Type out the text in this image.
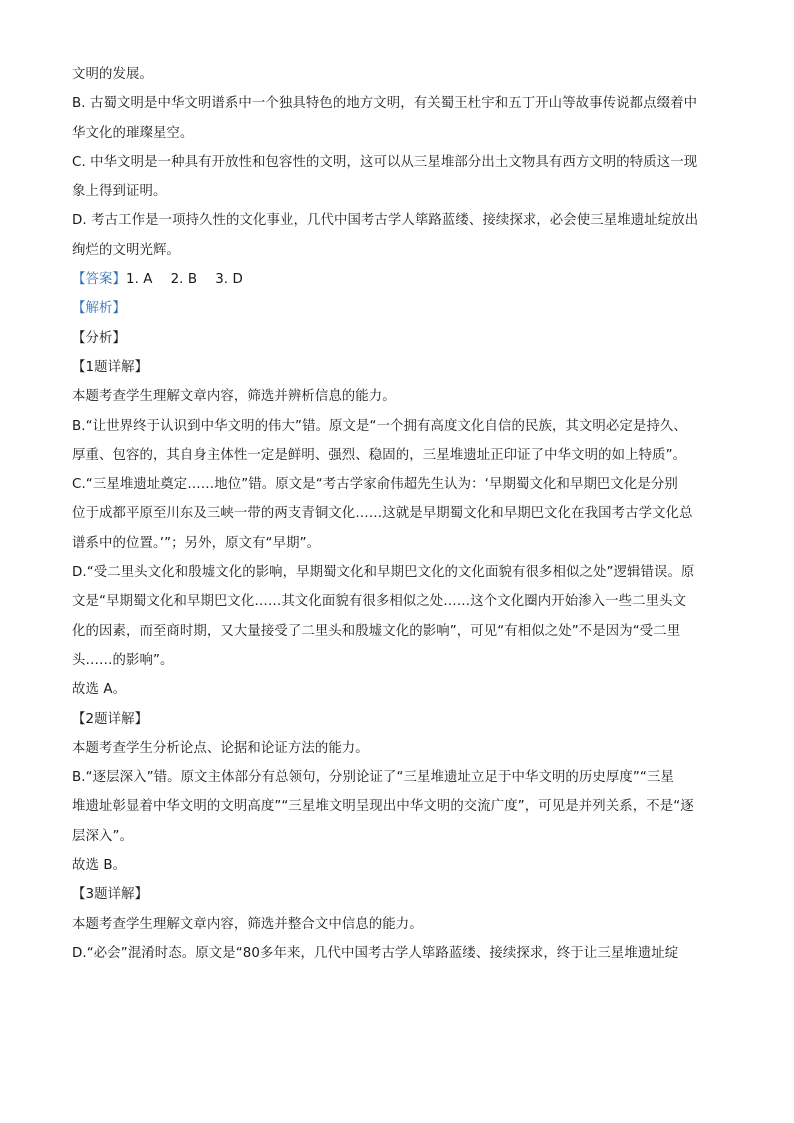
文明的发展。
B. 古蜀文明是中华文明谱系中一个独具特色的地方文明，有关蜀王杜宇和五丁开山等故事传说都点缀着中
华文化的璀璨星空。
C. 中华文明是一种具有开放性和包容性的文明，这可以从三星堆部分出土文物具有西方文明的特质这一现
象上得到证明。
D. 考古工作是一项持久性的文化事业，几代中国考古学人筚路蓝缕、接续探求，必会使三星堆遗址绽放出
绚烂的文明光辉。
【答案】1. A 2. B 3. D
【解析】
【分析】
【1题详解】
本题考查学生理解文章内容，筛选并辨析信息的能力。
B.“让世界终于认识到中华文明的伟大”错。原文是“一个拥有高度文化自信的民族，其文明必定是持久、
厚重、包容的，其自身主体性一定是鲜明、强烈、稳固的，三星堆遗址正印证了中华文明的如上特质”。
C.“三星堆遗址奠定……地位”错。原文是“考古学家俞伟超先生认为：‘早期蜀文化和早期巴文化是分别
位于成都平原至川东及三峡一带的两支青铜文化……这就是早期蜀文化和早期巴文化在我国考古学文化总
谱系中的位置。’”；另外，原文有“早期”。
D.“受二里头文化和殷墟文化的影响，早期蜀文化和早期巴文化的文化面貌有很多相似之处”逻辑错误。原
文是“早期蜀文化和早期巴文化……其文化面貌有很多相似之处……这个文化圈内开始渗入一些二里头文
化的因素，而至商时期，又大量接受了二里头和殷墟文化的影响”，可见“有相似之处”不是因为“受二里
头……的影响”。
故选 A。
【2题详解】
本题考查学生分析论点、论据和论证方法的能力。
B.“逐层深入”错。原文主体部分有总领句，分别论证了“三星堆遗址立足于中华文明的历史厚度”“三星
堆遗址彰显着中华文明的文明高度”“三星堆文明呈现出中华文明的交流广度”，可见是并列关系，不是“逐
层深入”。
故选 B。
【3题详解】
本题考查学生理解文章内容，筛选并整合文中信息的能力。
D.“必会”混淆时态。原文是“80多年来，几代中国考古学人筚路蓝缕、接续探求，终于让三星堆遗址绽
